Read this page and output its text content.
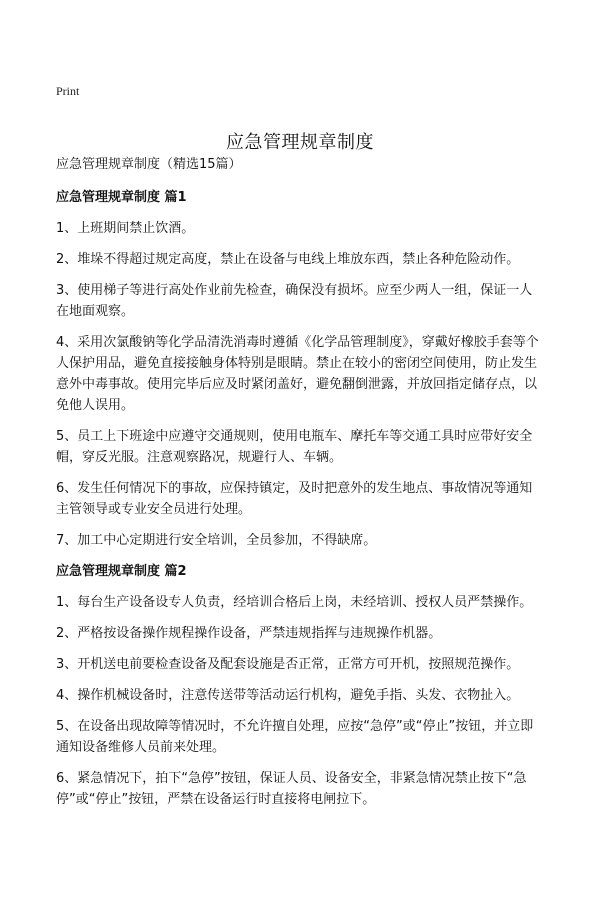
Print
应急管理规章制度

应急管理规章制度（精选15篇）

应急管理规章制度 篇1

1、上班期间禁止饮酒。

2、堆垛不得超过规定高度，禁止在设备与电线上堆放东西，禁止各种危险动作。

3、使用梯子等进行高处作业前先检查，确保没有损坏。应至少两人一组，保证一人在地面观察。

4、采用次氯酸钠等化学品清洗消毒时遵循《化学品管理制度》，穿戴好橡胶手套等个人保护用品，避免直接接触身体特别是眼睛。禁止在较小的密闭空间使用，防止发生意外中毒事故。使用完毕后应及时紧闭盖好，避免翻倒泄露，并放回指定储存点，以免他人误用。

5、员工上下班途中应遵守交通规则，使用电瓶车、摩托车等交通工具时应带好安全帽，穿反光服。注意观察路况，规避行人、车辆。

6、发生任何情况下的事故，应保持镇定，及时把意外的发生地点、事故情况等通知主管领导或专业安全员进行处理。

7、加工中心定期进行安全培训，全员参加，不得缺席。

应急管理规章制度 篇2

1、每台生产设备设专人负责，经培训合格后上岗，未经培训、授权人员严禁操作。

2、严格按设备操作规程操作设备，严禁违规指挥与违规操作机器。

3、开机送电前要检查设备及配套设施是否正常，正常方可开机，按照规范操作。

4、操作机械设备时，注意传送带等活动运行机构，避免手指、头发、衣物扯入。

5、在设备出现故障等情况时，不允许擅自处理，应按“急停”或“停止”按钮，并立即通知设备维修人员前来处理。

6、紧急情况下，拍下“急停”按钮，保证人员、设备安全，非紧急情况禁止按下“急停”或“停止”按钮，严禁在设备运行时直接将电闸拉下。
